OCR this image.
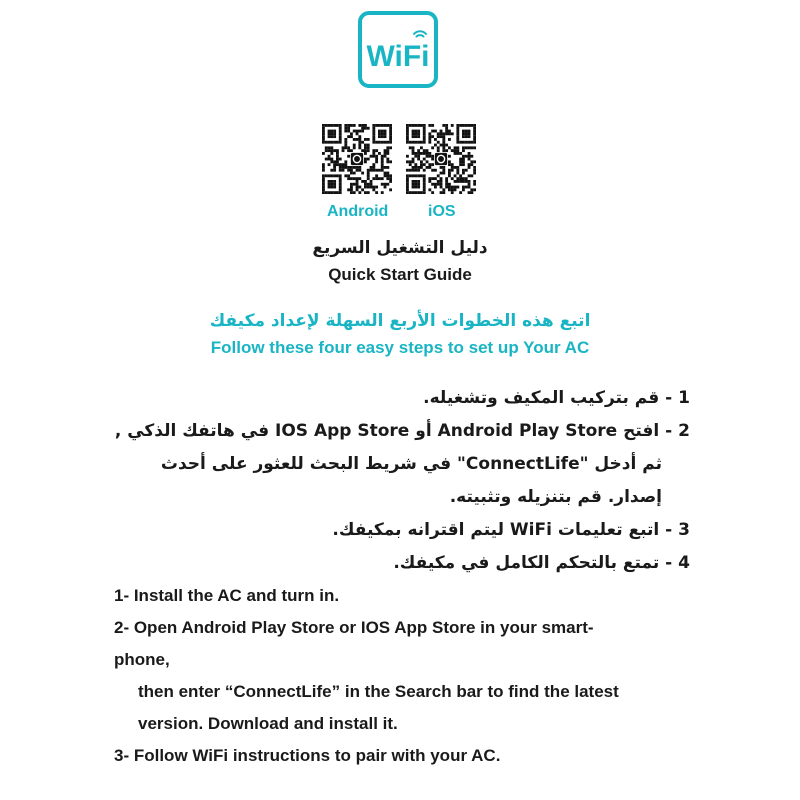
WiFi
Android iOS
دليل التشغيل السريع
Quick Start Guide
اتبع هذه الخطوات الأربع السهلة لإعداد مكيفك
Follow these four easy steps to set up Your AC
1 - قم بتركيب المكيف وتشغيله.
2 - افتح Android Play Store أو IOS App Store في هاتفك الذكي ,
ثم أدخل "ConnectLife" في شريط البحث للعثور على أحدث
إصدار. قم بتنزيله وتثبيته.
3 - اتبع تعليمات WiFi ليتم اقترانه بمكيفك.
4 - تمتع بالتحكم الكامل في مكيفك.
1- Install the AC and turn in.
2- Open Android Play Store or IOS App Store in your smart-
phone,
then enter “ConnectLife” in the Search bar to find the latest
version. Download and install it.
3- Follow WiFi instructions to pair with your AC.
